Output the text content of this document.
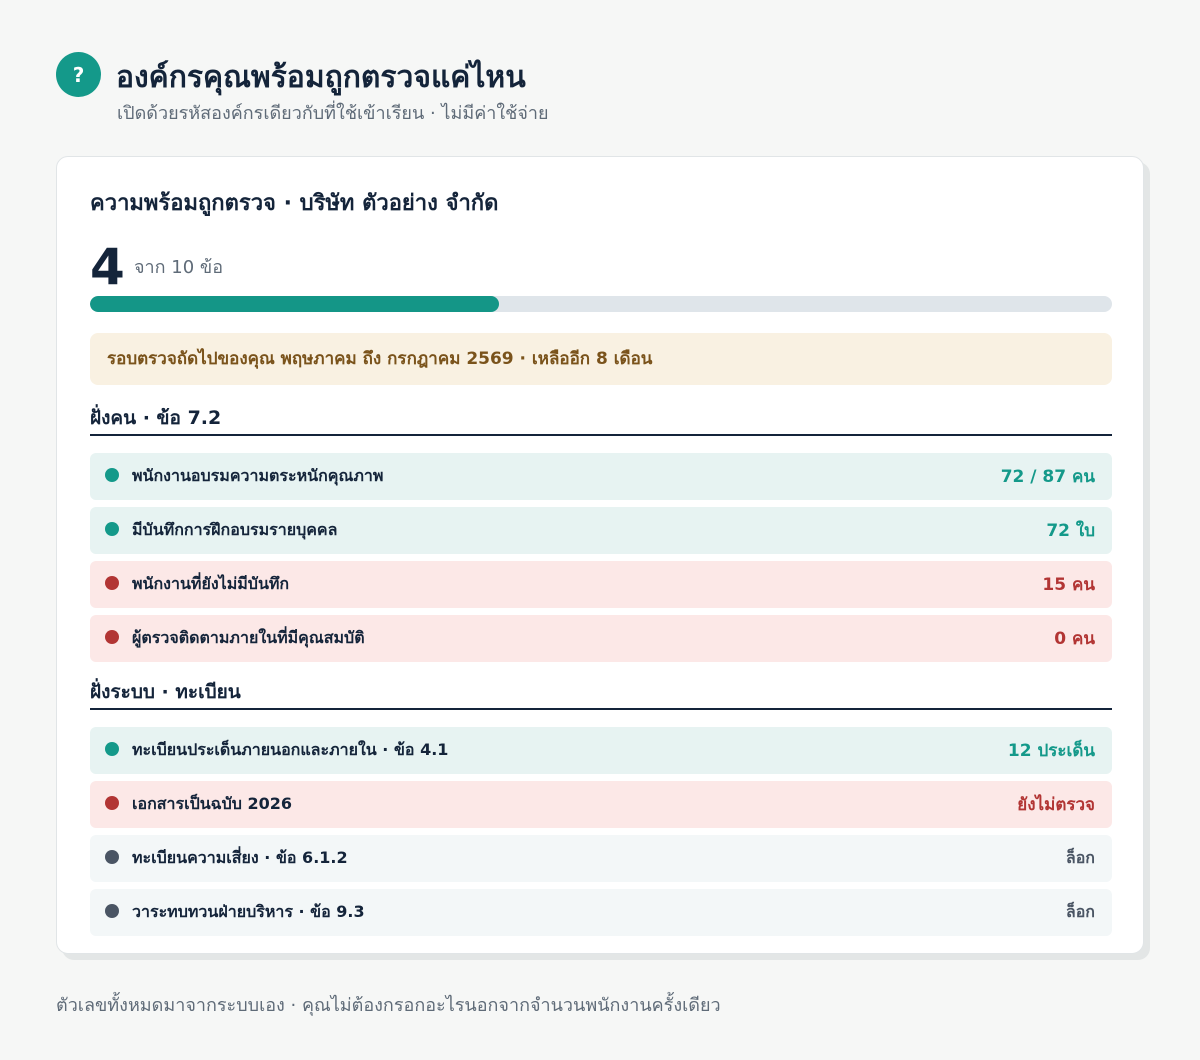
?	องค์กรคุณพร้อมถูกตรวจแค่ไหน
เปิดด้วยรหัสองค์กรเดียวกับที่ใช้เข้าเรียน · ไม่มีค่าใช้จ่าย
ความพร้อมถูกตรวจ · บริษัท ตัวอย่าง จำกัด
4 จาก 10 ข้อ
รอบตรวจถัดไปของคุณ พฤษภาคม ถึง กรกฎาคม 2569 · เหลืออีก 8 เดือน
ฝั่งคน · ข้อ 7.2
พนักงานอบรมความตระหนักคุณภาพ	72 / 87 คน
มีบันทึกการฝึกอบรมรายบุคคล	72 ใบ
พนักงานที่ยังไม่มีบันทึก	15 คน
ผู้ตรวจติดตามภายในที่มีคุณสมบัติ	0 คน
ฝั่งระบบ · ทะเบียน
ทะเบียนประเด็นภายนอกและภายใน · ข้อ 4.1	12 ประเด็น
เอกสารเป็นฉบับ 2026	ยังไม่ตรวจ
ทะเบียนความเสี่ยง · ข้อ 6.1.2	ล็อก
วาระทบทวนฝ่ายบริหาร · ข้อ 9.3	ล็อก
ตัวเลขทั้งหมดมาจากระบบเอง · คุณไม่ต้องกรอกอะไรนอกจากจำนวนพนักงานครั้งเดียว
